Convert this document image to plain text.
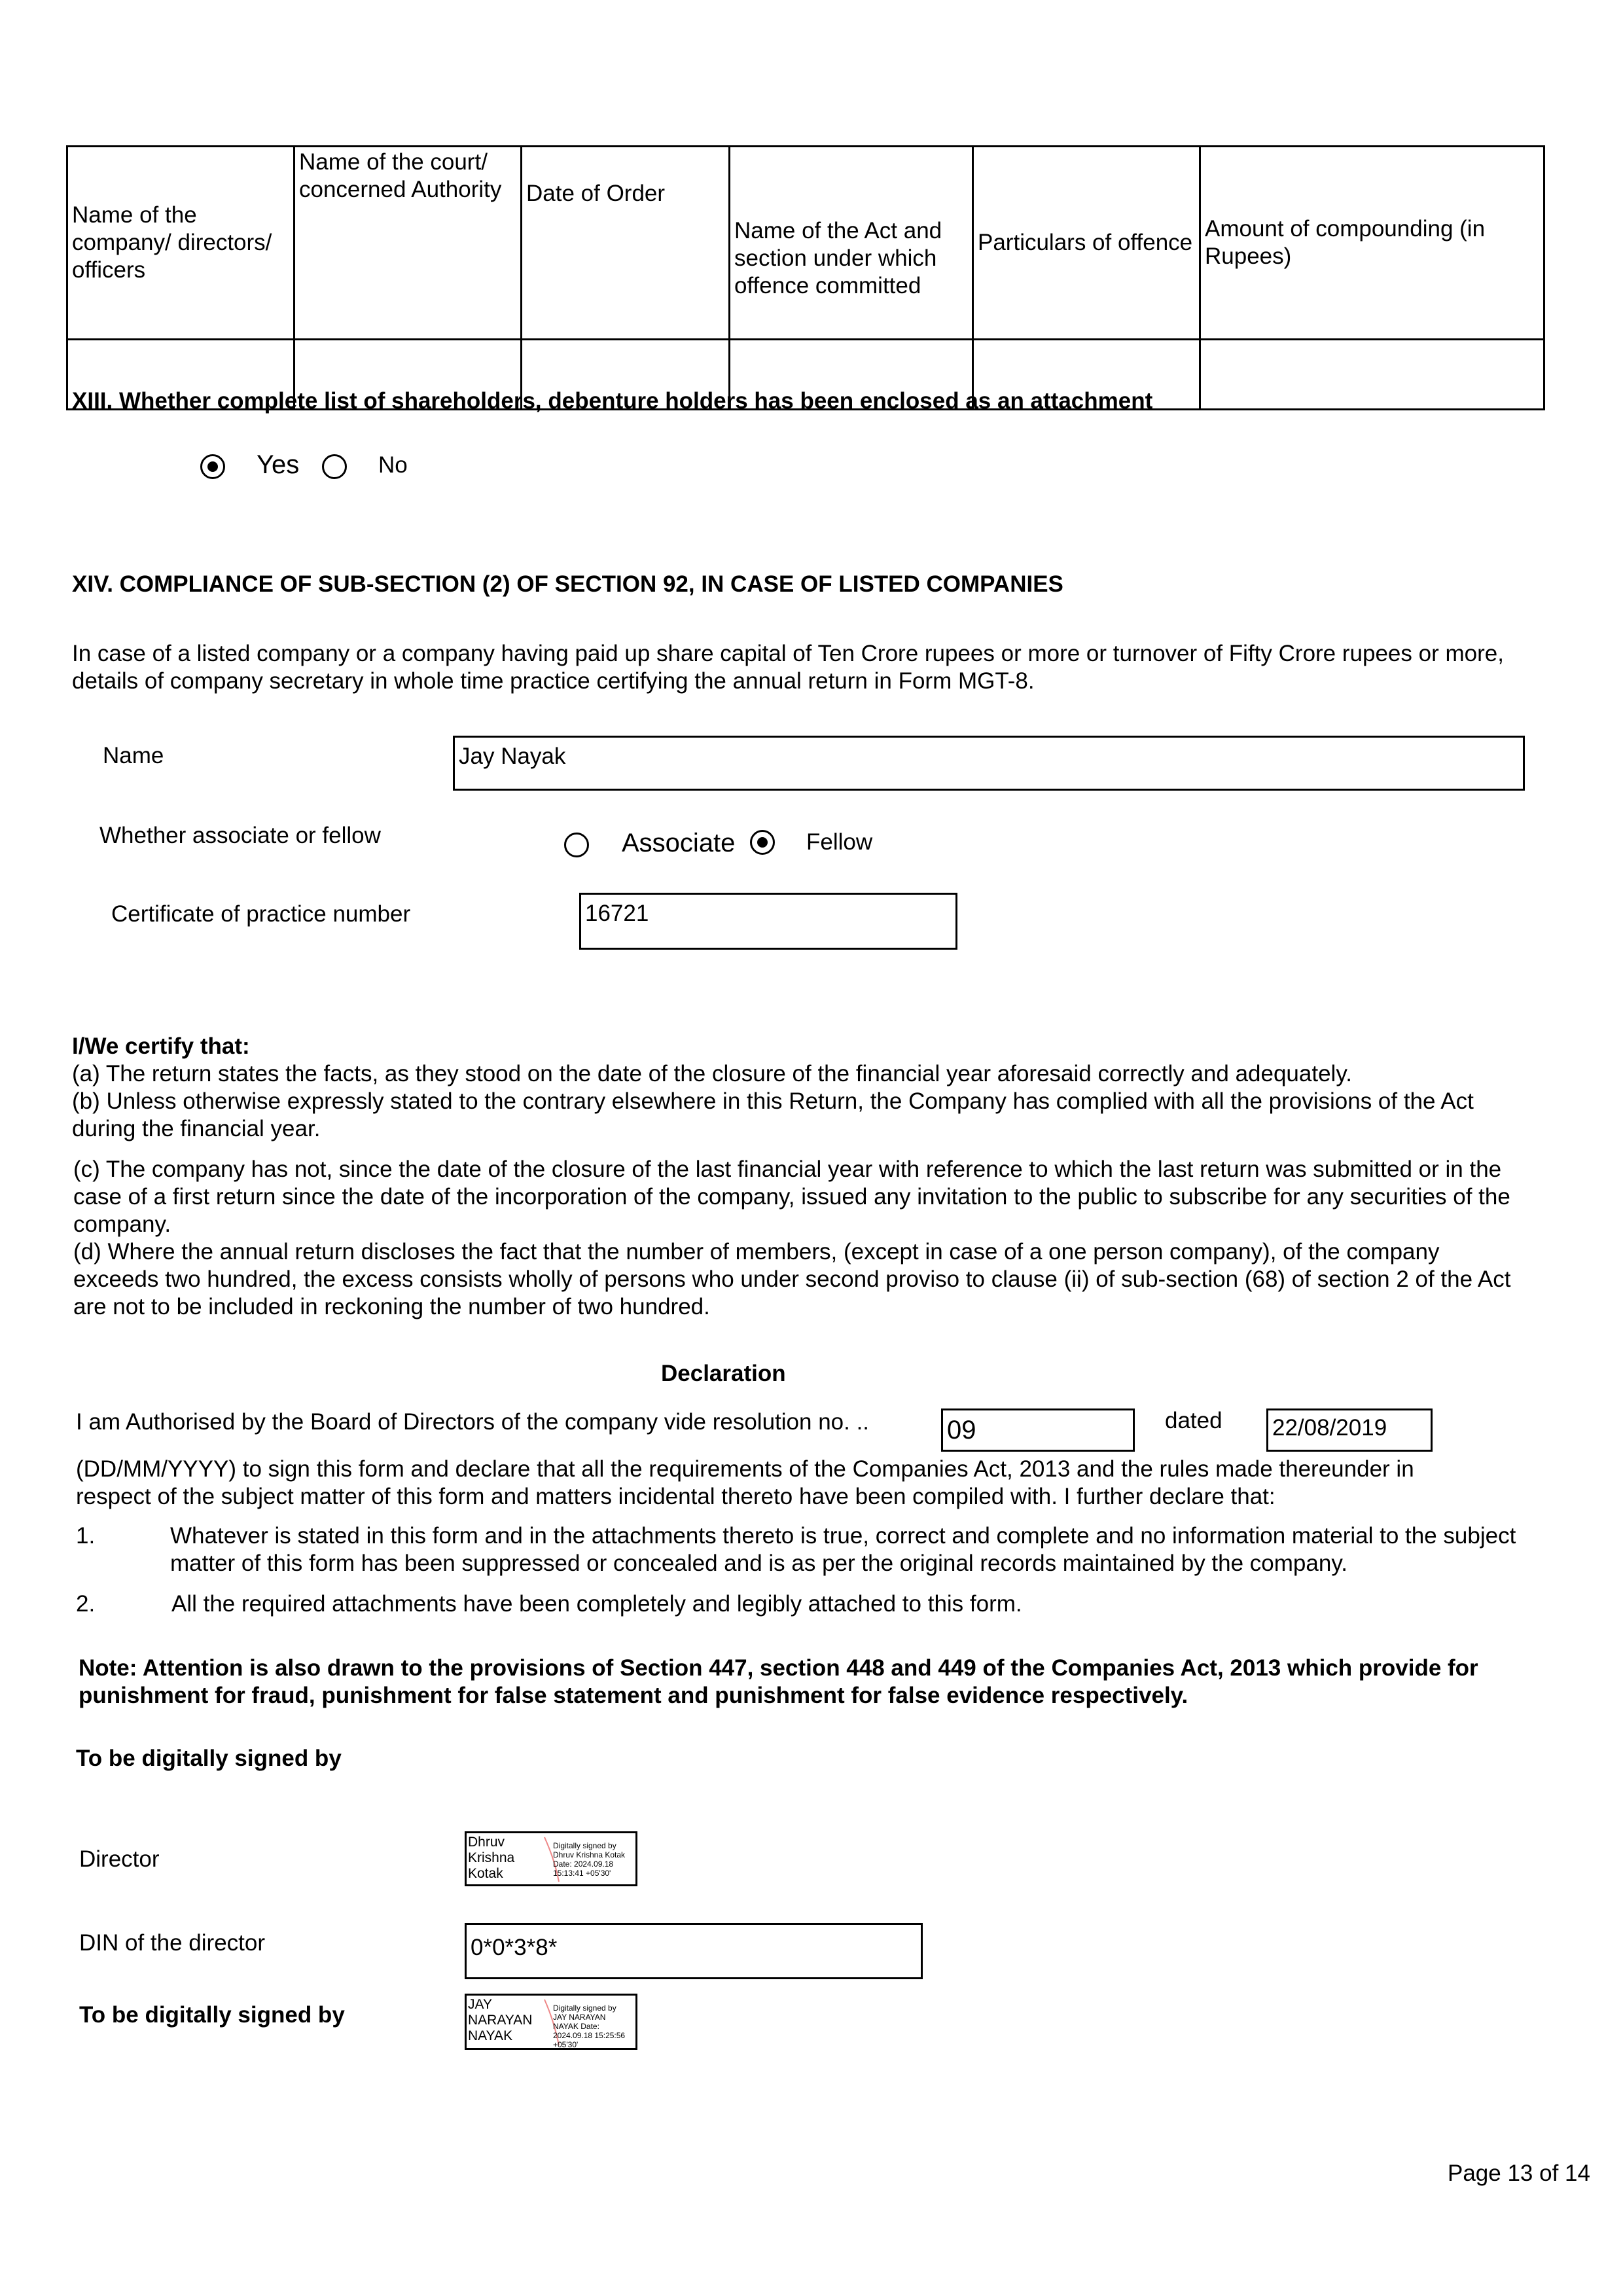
Name of the company/ directors/ officers	Name of the court/ concerned Authority	Date of Order	Name of the Act and section under which offence committed	Particulars of offence	Amount of compounding (in Rupees)

XIII. Whether complete list of shareholders, debenture holders has been enclosed as an attachment
Yes	No
XIV. COMPLIANCE OF SUB-SECTION (2) OF SECTION 92, IN CASE OF LISTED COMPANIES
In case of a listed company or a company having paid up share capital of Ten Crore rupees or more or turnover of Fifty Crore rupees or more, details of company secretary in whole time practice certifying the annual return in Form MGT-8.
Name	Jay Nayak
Whether associate or fellow	Associate	Fellow
Certificate of practice number	16721
I/We certify that:
(a) The return states the facts, as they stood on the date of the closure of the financial year aforesaid correctly and adequately.
(b) Unless otherwise expressly stated to the contrary elsewhere in this Return, the Company has complied with all the provisions of the Act during the financial year.
(c) The company has not, since the date of the closure of the last financial year with reference to which the last return was submitted or in the case of a first return since the date of the incorporation of the company, issued any invitation to the public to subscribe for any securities of the company.
(d) Where the annual return discloses the fact that the number of members, (except in case of a one person company), of the company exceeds two hundred, the excess consists wholly of persons who under second proviso to clause (ii) of sub-section (68) of section 2 of the Act are not to be included in reckoning the number of two hundred.
Declaration
I am Authorised by the Board of Directors of the company vide resolution no. ..	09	dated 22/08/2019
(DD/MM/YYYY) to sign this form and declare that all the requirements of the Companies Act, 2013 and the rules made thereunder in respect of the subject matter of this form and matters incidental thereto have been compiled with. I further declare that:
1.	Whatever is stated in this form and in the attachments thereto is true, correct and complete and no information material to the subject matter of this form has been suppressed or concealed and is as per the original records maintained by the company.
2.	All the required attachments have been completely and legibly attached to this form.
Note: Attention is also drawn to the provisions of Section 447, section 448 and 449 of the Companies Act, 2013 which provide for punishment for fraud, punishment for false statement and punishment for false evidence respectively.
To be digitally signed by
Director
Dhruv Krishna Kotak
Digitally signed by Dhruv Krishna Kotak Date: 2024.09.18 15:13:41 +05'30'
DIN of the director	0*0*3*8*
To be digitally signed by	JAY NARAYAN NAYAK
Digitally signed by JAY NARAYAN NAYAK Date: 2024.09.18 15:25:56 +05'30'
Page 13 of 14
